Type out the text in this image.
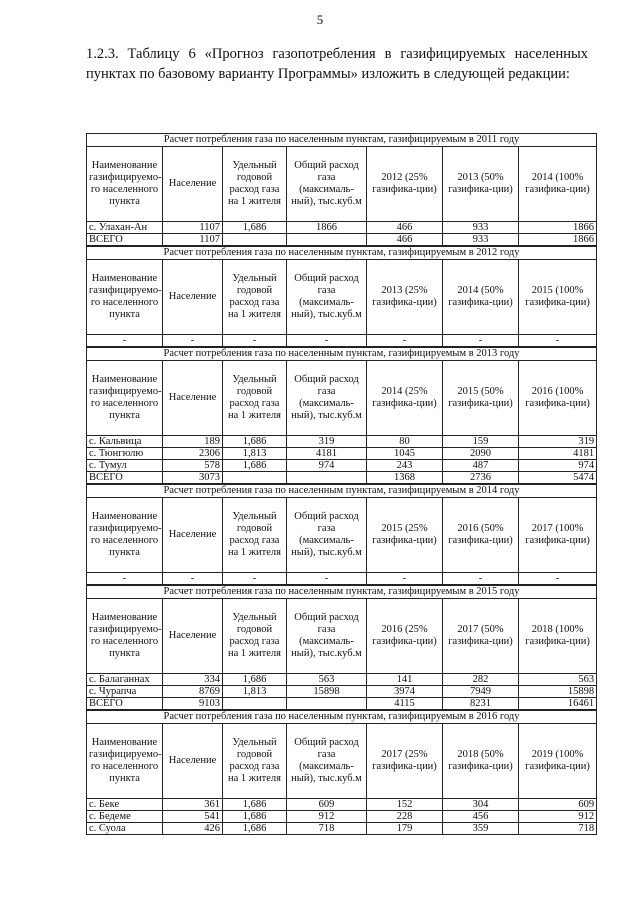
5
1.2.3. Таблицу 6 «Прогноз газопотребления в газифицируемых населенных пунктах по базовому варианту Программы» изложить в следующей редакции:
Расчет потребления газа по населенным пунктам, газифицируемым в 2011 году						
Наименование газифицируемо-го населенного пункта	Население	Удельный годовой расход газа на 1 жителя	Общий расход газа (максималь-ный), тыс.куб.м	2012 (25% газифика-ции)	2013 (50% газифика-ции)	2014 (100% газифика-ции)
с. Улахан-Ан	1107	1,686	1866	466	933	1866
ВСЕГО	1107			466	933	1866
Расчет потребления газа по населенным пунктам, газифицируемым в 2012 году						
Наименование газифицируемо-го населенного пункта	Население	Удельный годовой расход газа на 1 жителя	Общий расход газа (максималь-ный), тыс.куб.м	2013 (25% газифика-ции)	2014 (50% газифика-ции)	2015 (100% газифика-ции)
-	-	-	-	-	-	-
Расчет потребления газа по населенным пунктам, газифицируемым в 2013 году						
Наименование газифицируемо-го населенного пункта	Население	Удельный годовой расход газа на 1 жителя	Общий расход газа (максималь-ный), тыс.куб.м	2014 (25% газифика-ции)	2015 (50% газифика-ции)	2016 (100% газифика-ции)
с. Кальвица	189	1,686	319	80	159	319
с. Тюнгюлю	2306	1,813	4181	1045	2090	4181
с. Тумул	578	1,686	974	243	487	974
ВСЕГО	3073			1368	2736	5474
Расчет потребления газа по населенным пунктам, газифицируемым в 2014 году						
Наименование газифицируемо-го населенного пункта	Население	Удельный годовой расход газа на 1 жителя	Общий расход газа (максималь-ный), тыс.куб.м	2015 (25% газифика-ции)	2016 (50% газифика-ции)	2017 (100% газифика-ции)
-	-	-	-	-	-	-
Расчет потребления газа по населенным пунктам, газифицируемым в 2015 году						
Наименование газифицируемо-го населенного пункта	Население	Удельный годовой расход газа на 1 жителя	Общий расход газа (максималь-ный), тыс.куб.м	2016 (25% газифика-ции)	2017 (50% газифика-ции)	2018 (100% газифика-ции)
с. Балаганнах	334	1,686	563	141	282	563
с. Чурапча	8769	1,813	15898	3974	7949	15898
ВСЕГО	9103			4115	8231	16461
Расчет потребления газа по населенным пунктам, газифицируемым в 2016 году						
Наименование газифицируемо-го населенного пункта	Население	Удельный годовой расход газа на 1 жителя	Общий расход газа (максималь-ный), тыс.куб.м	2017 (25% газифика-ции)	2018 (50% газифика-ции)	2019 (100% газифика-ции)
с. Беке	361	1,686	609	152	304	609
с. Бедеме	541	1,686	912	228	456	912
с. Суола	426	1,686	718	179	359	718
